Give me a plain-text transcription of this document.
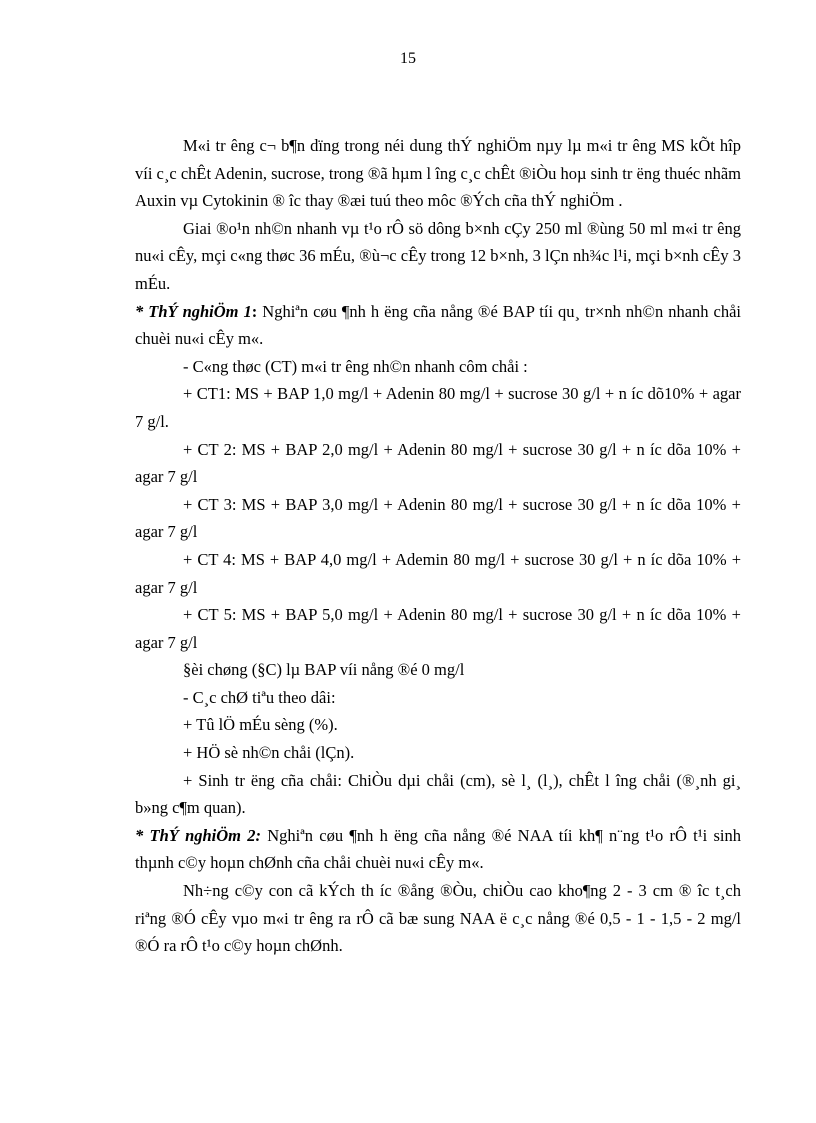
15

M«i tr êng c¬ b¶n dïng trong néi dung thÝ nghiÖm nµy lµ m«i tr êng MS kÕt hîp víi c¸c chÊt Adenin, sucrose, trong ®ã hµm l îng c¸c chÊt ®iÒu hoµ sinh tr ëng thuéc nhãm Auxin vµ Cytokinin ® îc thay ®æi tuú theo môc ®Ých cña thÝ nghiÖm .

Giai ®o¹n nh©n nhanh vµ t¹o rÔ sö dông b×nh cÇy 250 ml ®ùng 50 ml m«i tr êng nu«i cÊy, mçi c«ng thøc 36 mÉu, ®ù¬c cÊy trong 12 b×nh, 3 lÇn nh¾c l¹i, mçi b×nh cÊy 3 mÉu.

* ThÝ nghiÖm 1: Nghiªn cøu ¶nh h ëng cña nång ®é BAP tíi qu¸ tr×nh nh©n nhanh chåi chuèi nu«i cÊy m«.

- C«ng thøc (CT) m«i tr êng nh©n nhanh côm chåi :

+ CT1: MS + BAP 1,0 mg/l + Adenin 80 mg/l + sucrose 30 g/l + n íc dõ10% + agar 7 g/l.

+ CT 2: MS + BAP 2,0 mg/l + Adenin 80 mg/l + sucrose 30 g/l + n íc dõa 10% + agar 7 g/l

+ CT 3: MS + BAP 3,0 mg/l + Adenin 80 mg/l + sucrose 30 g/l + n íc dõa 10% + agar 7 g/l

+ CT 4: MS + BAP 4,0 mg/l + Ademin 80 mg/l + sucrose 30 g/l + n íc dõa 10% + agar 7 g/l

+ CT 5: MS + BAP 5,0 mg/l + Adenin 80 mg/l + sucrose 30 g/l + n íc dõa 10% + agar 7 g/l

§èi chøng (§C) lµ BAP víi nång ®é 0 mg/l

- C¸c chØ tiªu theo dâi:

+ Tû lÖ mÉu sèng (%).

+ HÖ sè nh©n chåi (lÇn).

+ Sinh tr ëng cña chåi: ChiÒu dµi chåi (cm), sè l¸ (l¸), chÊt l îng chåi (®¸nh gi¸ b»ng c¶m quan).

* ThÝ nghiÖm 2: Nghiªn cøu ¶nh h ëng cña nång ®é NAA tíi kh¶ n¨ng t¹o rÔ t¹i sinh thµnh c©y hoµn chØnh cña chåi chuèi nu«i cÊy m«.

Nh÷ng c©y con cã kÝch th íc ®ång ®Òu, chiÒu cao kho¶ng 2 - 3 cm ® îc t¸ch riªng ®Ó cÊy vµo m«i tr êng ra rÔ cã bæ sung NAA ë c¸c nång ®é 0,5 - 1 - 1,5 - 2 mg/l ®Ó ra rÔ t¹o c©y hoµn chØnh.
